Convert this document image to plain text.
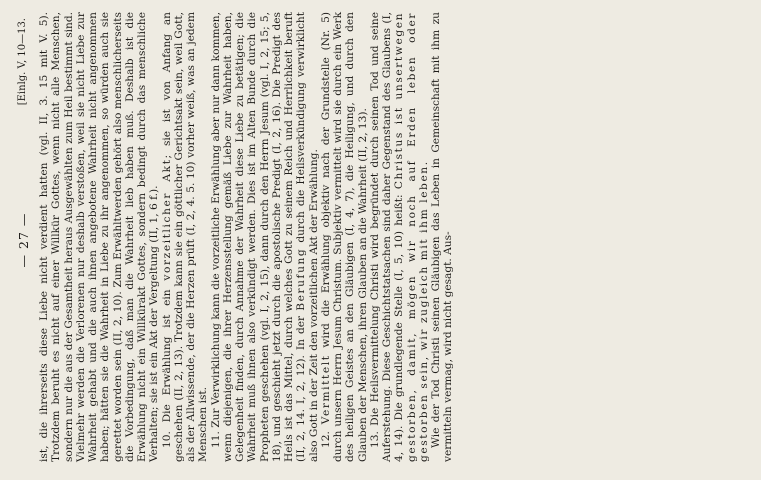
— 27 —
[Einlg. V, 10—13. ist, die ihrerseits diese Liebe nicht verdient hatten (vgl. II, 3. 15 mit V. 5). Trotzdem beruht es nicht auf einer Willkür Gottes, wenn nicht alle Menschen, sondern nur die aus der Gesamtheit heraus Ausgewählten zum Heil bestimmt sind. Vielmehr werden die Verlorenen nur deshalb verstoßen, weil sie nicht Liebe zur Wahrheit gehabt und die auch ihnen angebotene Wahrheit nicht angenommen haben; hätten sie die Wahrheit in Liebe zu ihr angenommen, so würden auch sie gerettet worden sein (II, 2, 10). Zum Erwähltwerden gehört also menschlicherseits die Vorbedingung, daß man die Wahrheit lieb haben muß. Deshalb ist die Erwählung nicht ein Willkürakt Gottes, sondern bedingt durch das menschliche Verhalten; sie ist ein Akt der Vergeltung (II, 1, 6 f.). 10. Die Erwählung ist ein vorzeitlicher Akt; sie ist von Anfang an geschehen (II, 2, 13). Trotzdem kann sie ein göttlicher Gerichtsakt sein, weil Gott, als der Allwissende, der die Herzen prüft (I, 2, 4. 5. 10) vorher weiß, was an jedem Menschen ist. 11. Zur Verwirklichung kann die vorzeitliche Erwählung aber nur dann kommen, wenn diejenigen, die ihrer Herzensstellung gemäß Liebe zur Wahrheit haben, Gelegenheit finden, durch Annahme der Wahrheit diese Liebe zu betätigen; die Wahrheit muß ihnen also verkündigt werden. Dies ist im Alten Bunde durch die Propheten geschehen (vgl. I, 2, 15), dann durch den Herrn Jesum (vgl. I, 2, 15; 5, 18), und geschieht jetzt durch die apostolische Predigt (I, 2, 16). Die Predigt des Heils ist das Mittel, durch welches Gott zu seinem Reich und Herrlichkeit beruft (II, 2, 14. I, 2, 12). In der Berufung durch die Heilsverkündigung verwirklicht also Gott in der Zeit den vorzeitlichen Akt der Erwählung. 12. Vermittelt wird die Erwählung objektiv nach der Grundstelle (Nr. 5) durch unsern Herrn Jesum Christum. Subjektiv vermittelt wird sie durch ein Werk des heiligen Geistes an den Gläubigen (I, 4, 7), die Heiligung, und durch den Glauben der Menschen, ihren Glauben an die Wahrheit (II, 2, 13). 13. Die Heilsvermittelung Christi wird begründet durch seinen Tod und seine Auferstehung. Diese Geschichtstatsachen sind daher Gegenstand des Glaubens (I, 4, 14). Die grundlegende Stelle (I, 5, 10) heißt: Christus ist unsertwegen gestorben, damit, mögen wir noch auf Erden leben oder gestorben sein, wir zugleich mit ihm leben. Wie der Tod Christi seinen Gläubigen das Leben in Gemeinschaft mit ihm zu vermitteln vermag, wird nicht gesagt. Aus-
